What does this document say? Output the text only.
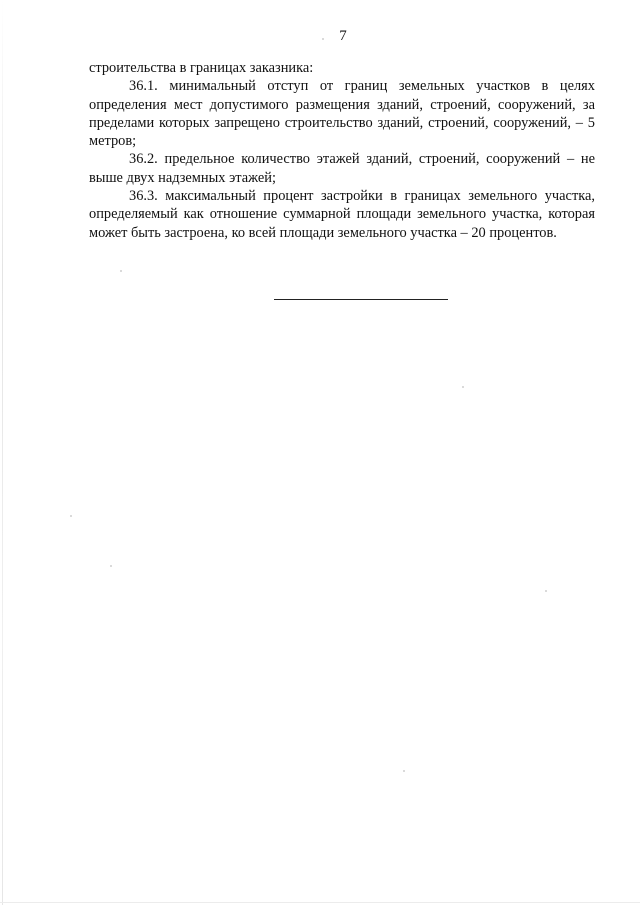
7

строительства в границах заказника:

36.1. минимальный отступ от границ земельных участков в целях определения мест допустимого размещения зданий, строений, сооружений, за пределами которых запрещено строительство зданий, строений, сооружений, – 5 метров;

36.2. предельное количество этажей зданий, строений, сооружений – не выше двух надземных этажей;

36.3. максимальный процент застройки в границах земельного участка, определяемый как отношение суммарной площади земельного участка, которая может быть застроена, ко всей площади земельного участка – 20 процентов.
